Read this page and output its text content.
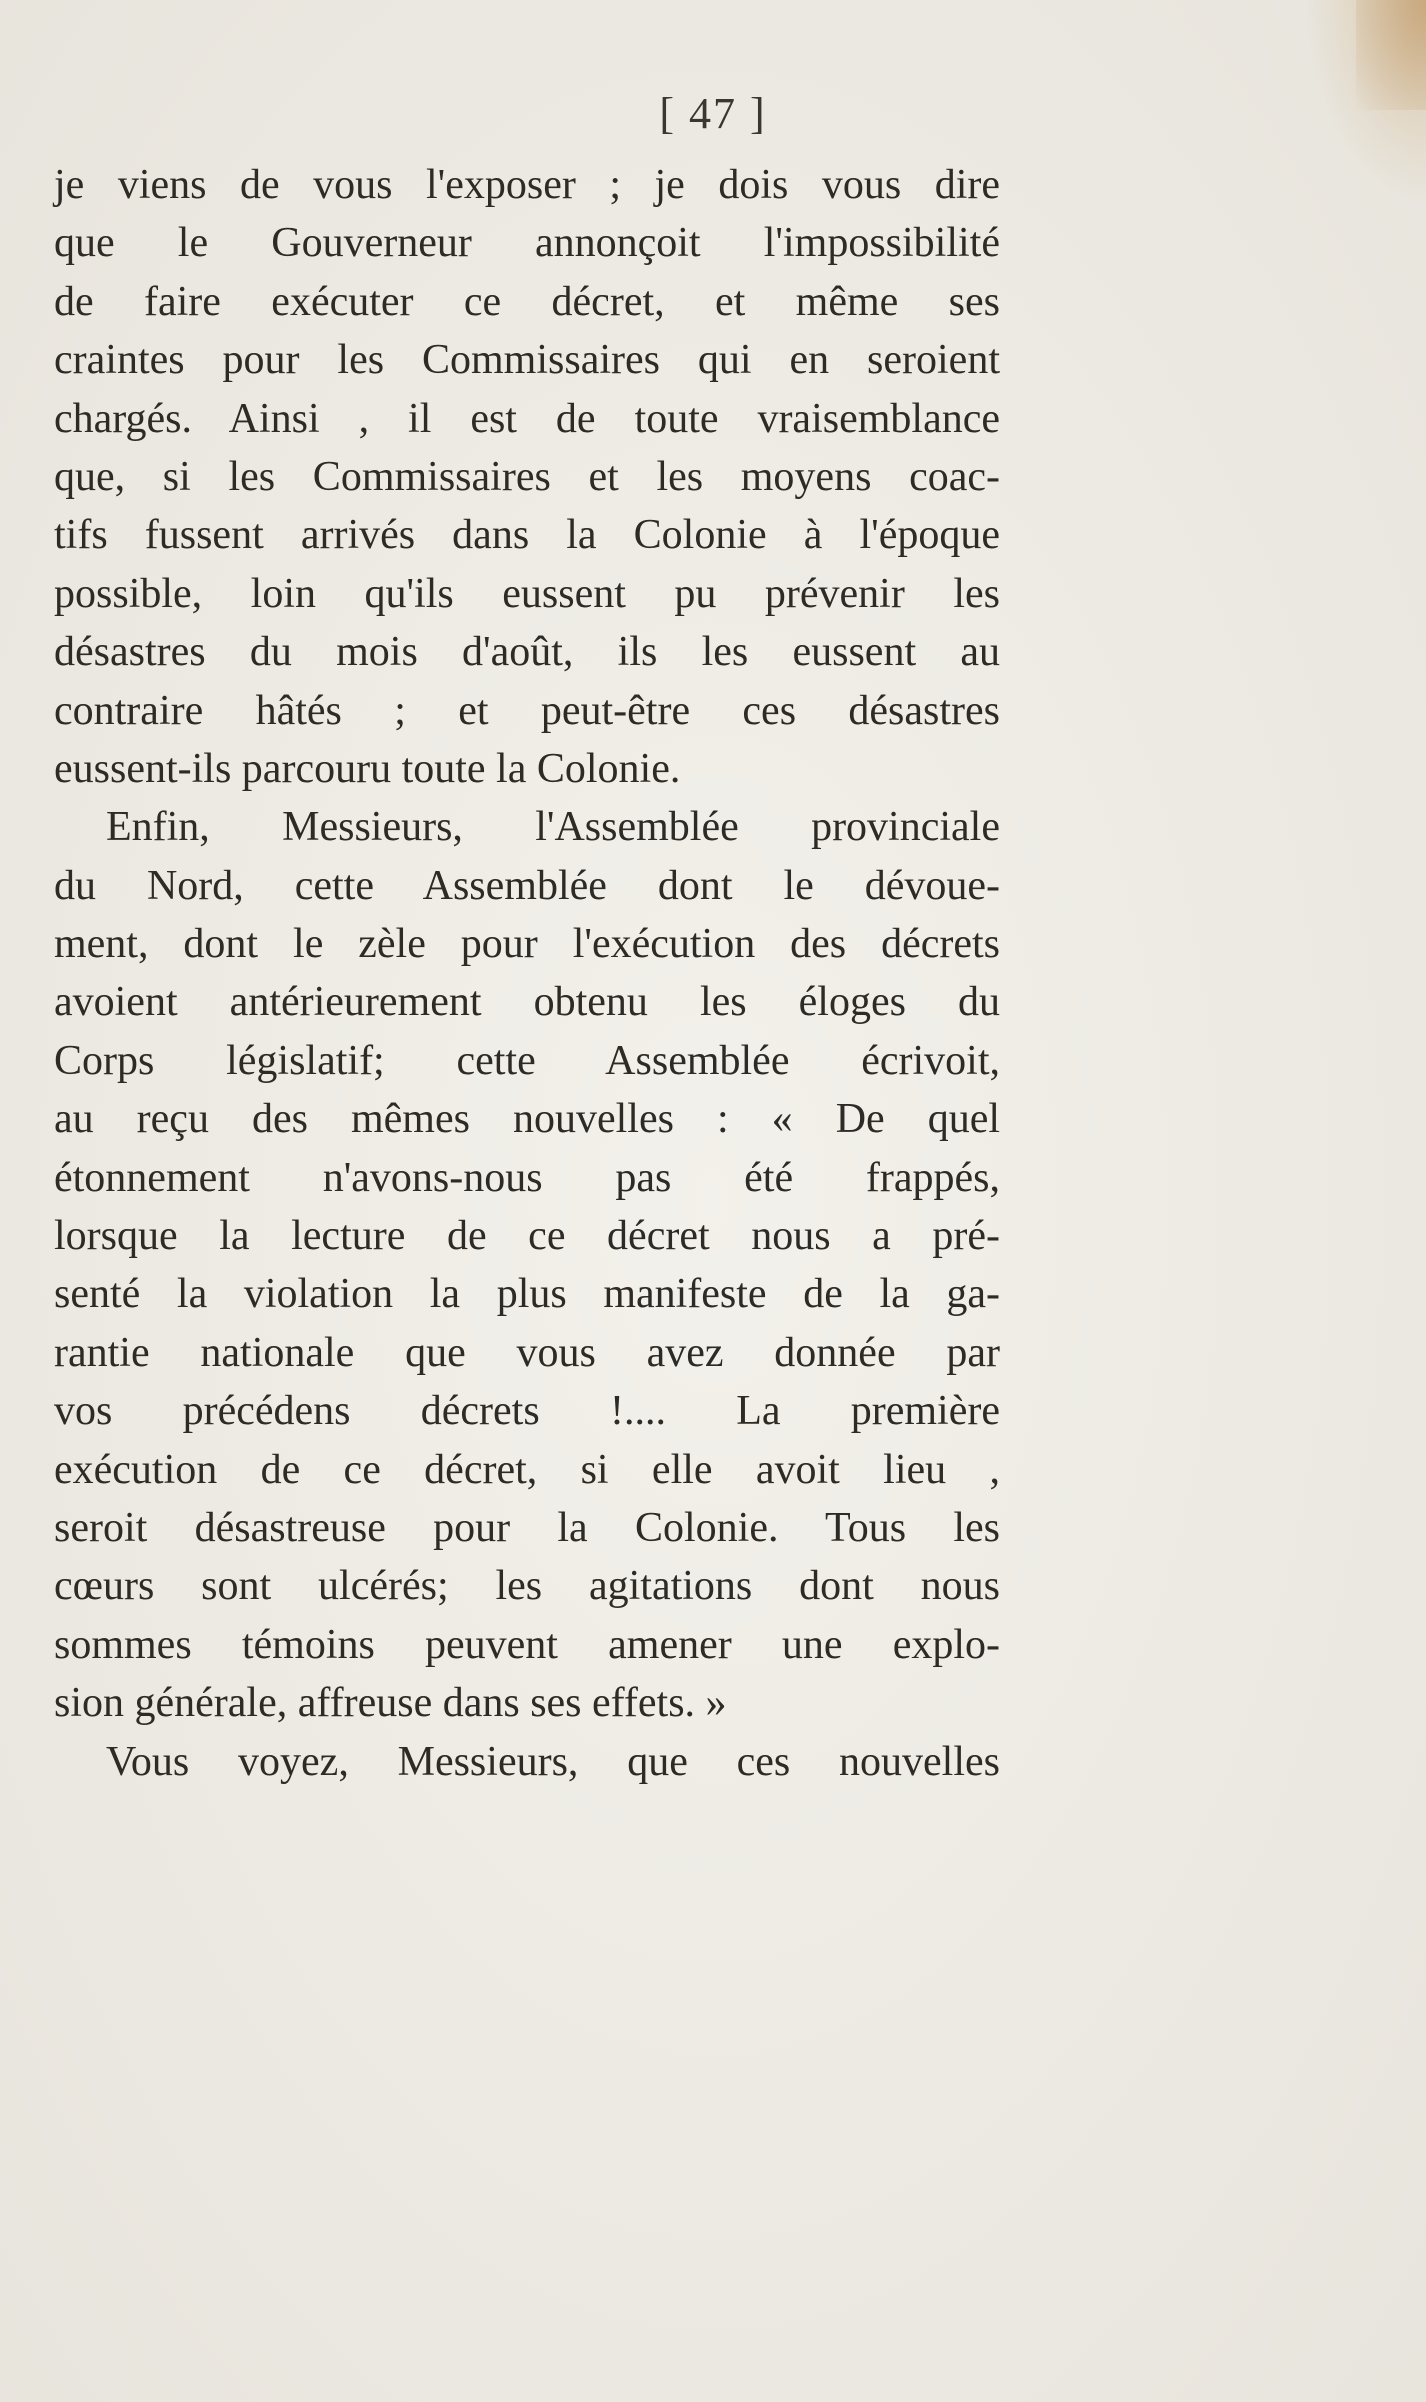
[ 47 ]
je viens de vous l'exposer ; je dois vous dire
que le Gouverneur annonçoit l'impossibilité
de faire exécuter ce décret, et même ses
craintes pour les Commissaires qui en seroient
chargés. Ainsi , il est de toute vraisemblance
que, si les Commissaires et les moyens coac-
tifs fussent arrivés dans la Colonie à l'époque
possible, loin qu'ils eussent pu prévenir les
désastres du mois d'août, ils les eussent au
contraire hâtés ; et peut-être ces désastres
eussent-ils parcouru toute la Colonie.
Enfin, Messieurs, l'Assemblée provinciale
du Nord, cette Assemblée dont le dévoue-
ment, dont le zèle pour l'exécution des décrets
avoient antérieurement obtenu les éloges du
Corps législatif; cette Assemblée écrivoit,
au reçu des mêmes nouvelles : « De quel
étonnement n'avons-nous pas été frappés,
lorsque la lecture de ce décret nous a pré-
senté la violation la plus manifeste de la ga-
rantie nationale que vous avez donnée par
vos précédens décrets !.... La première
exécution de ce décret, si elle avoit lieu ,
seroit désastreuse pour la Colonie. Tous les
cœurs sont ulcérés; les agitations dont nous
sommes témoins peuvent amener une explo-
sion générale, affreuse dans ses effets. »
Vous voyez, Messieurs, que ces nouvelles
